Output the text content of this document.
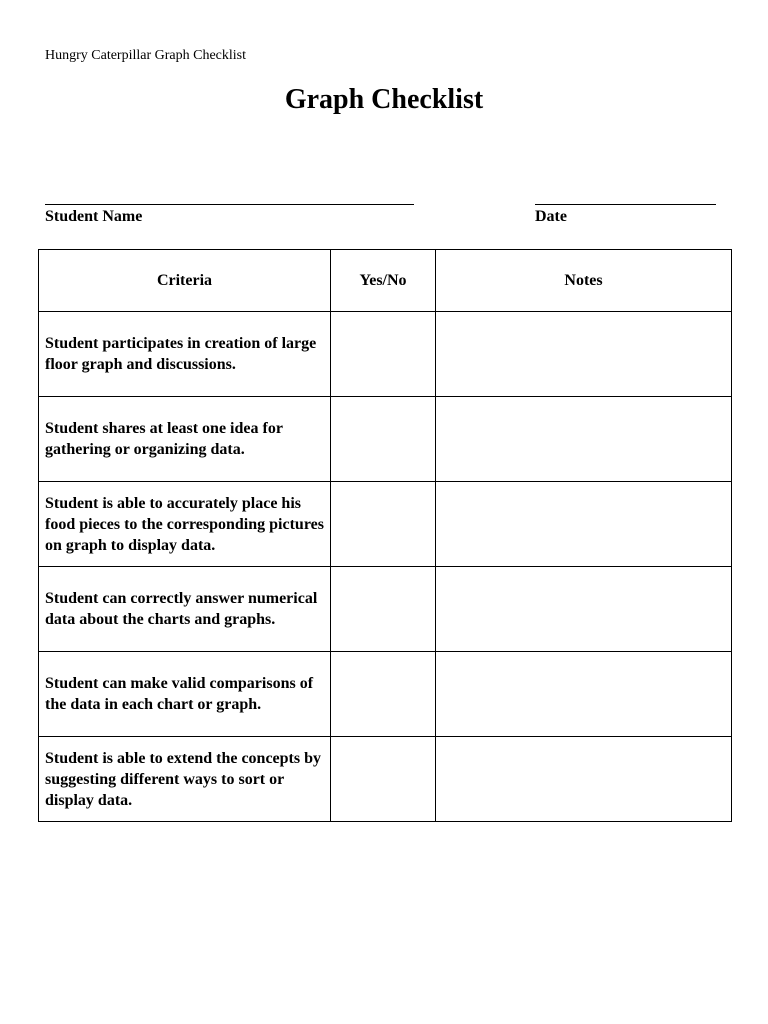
Hungry Caterpillar Graph Checklist
Graph Checklist
Student Name	Date
Criteria	Yes/No	Notes
Student participates in creation of large floor graph and discussions.		
Student shares at least one idea for gathering or organizing data.		
Student is able to accurately place his food pieces to the corresponding pictures on graph to display data.		
Student can correctly answer numerical data about the charts and graphs.		
Student can make valid comparisons of the data in each chart or graph.		
Student is able to extend the concepts by suggesting different ways to sort or display data.		
